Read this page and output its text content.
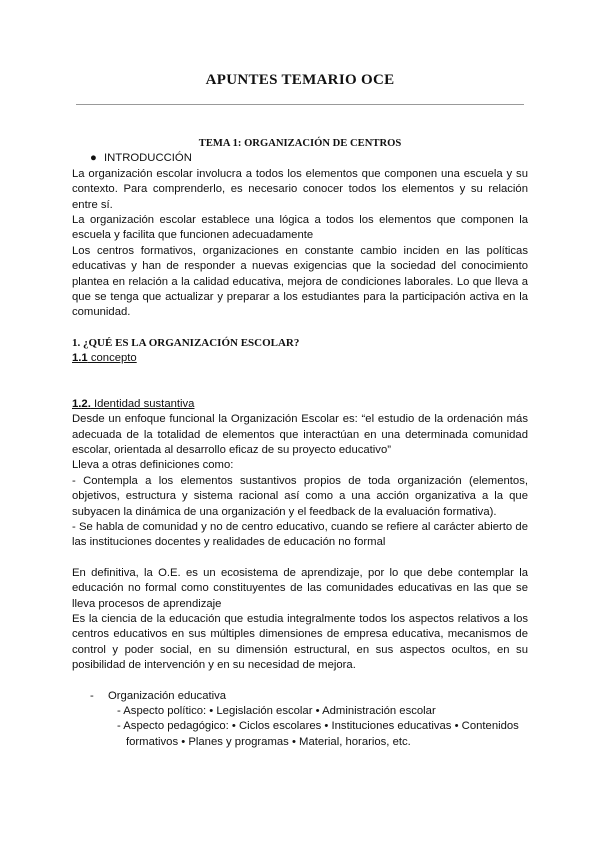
APUNTES TEMARIO OCE
TEMA 1: ORGANIZACIÓN DE CENTROS
● INTRODUCCIÓN

La organización escolar involucra a todos los elementos que componen una escuela y su contexto. Para comprenderlo, es necesario conocer todos los elementos y su relación entre sí.

La organización escolar establece una lógica a todos los elementos que componen la escuela y facilita que funcionen adecuadamente

Los centros formativos, organizaciones en constante cambio inciden en las políticas educativas y han de responder a nuevas exigencias que la sociedad del conocimiento plantea en relación a la calidad educativa, mejora de condiciones laborales. Lo que lleva a que se tenga que actualizar y preparar a los estudiantes para la participación activa en la comunidad.

1. ¿QUÉ ES LA ORGANIZACIÓN ESCOLAR?
1.1 concepto
1.2. Identidad sustantiva

Desde un enfoque funcional la Organización Escolar es: “el estudio de la ordenación más adecuada de la totalidad de elementos que interactúan en una determinada comunidad escolar, orientada al desarrollo eficaz de su proyecto educativo”

Lleva a otras definiciones como:

- Contempla a los elementos sustantivos propios de toda organización (elementos, objetivos, estructura y sistema racional así como a una acción organizativa a la que subyacen la dinámica de una organización y el feedback de la evaluación formativa).

- Se habla de comunidad y no de centro educativo, cuando se refiere al carácter abierto de las instituciones docentes y realidades de educación no formal

En definitiva, la O.E. es un ecosistema de aprendizaje, por lo que debe contemplar la educación no formal como constituyentes de las comunidades educativas en las que se lleva procesos de aprendizaje

Es la ciencia de la educación que estudia integralmente todos los aspectos relativos a los centros educativos en sus múltiples dimensiones de empresa educativa, mecanismos de control y poder social, en su dimensión estructural, en sus aspectos ocultos, en su posibilidad de intervención y en su necesidad de mejora.

-	Organización educativa
- Aspecto político: • Legislación escolar • Administración escolar
- Aspecto pedagógico: • Ciclos escolares • Instituciones educativas • Contenidos formativos • Planes y programas • Material, horarios, etc.
